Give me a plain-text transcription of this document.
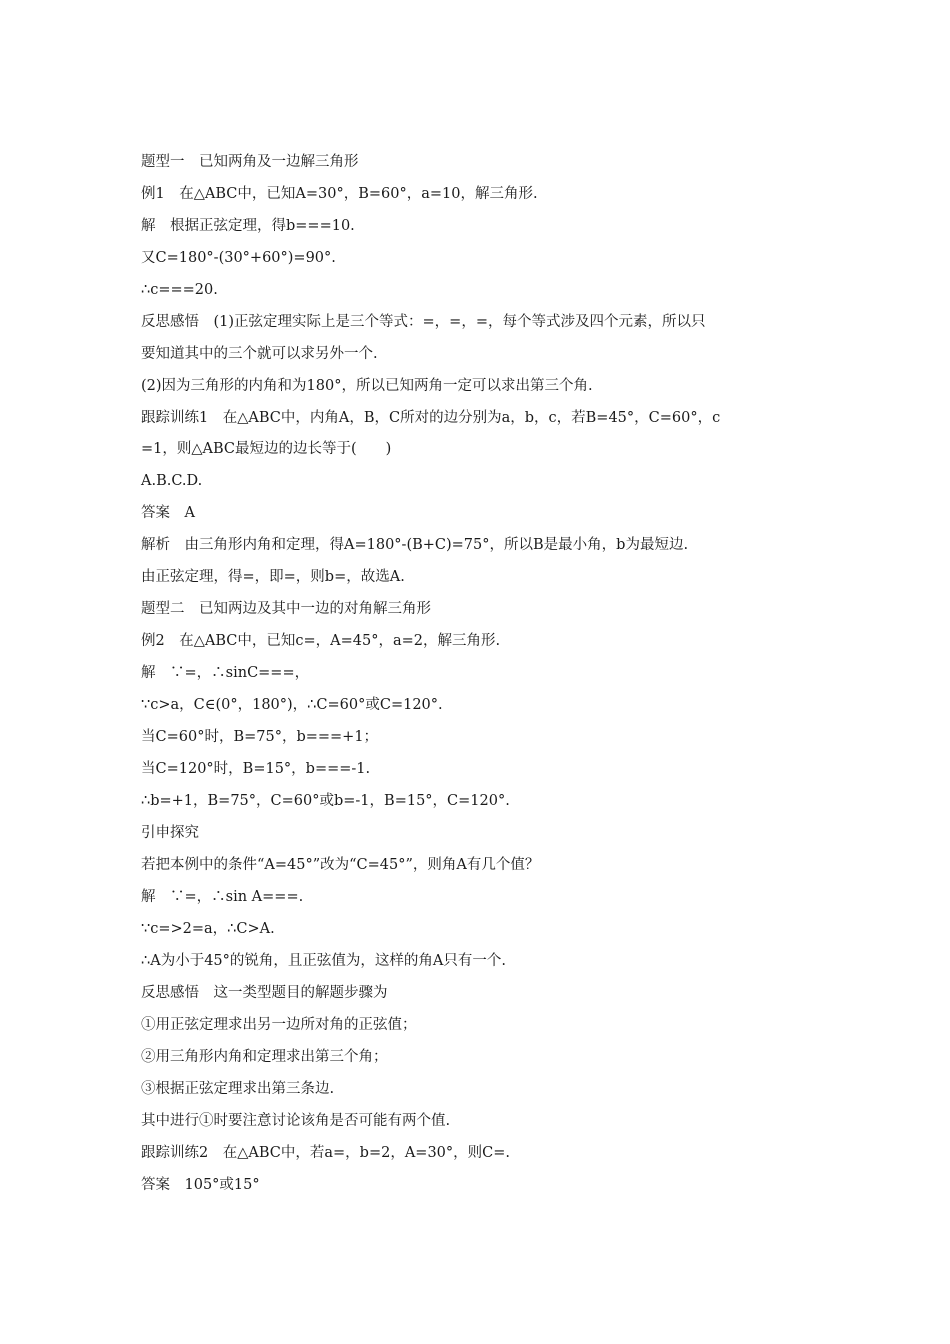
题型一　已知两角及一边解三角形
例1　在△ABC中，已知A=30°，B=60°，a=10，解三角形.
解　根据正弦定理，得b===10.
又C=180°-(30°+60°)=90°.
∴c===20.
反思感悟　(1)正弦定理实际上是三个等式：=，=，=，每个等式涉及四个元素，所以只
要知道其中的三个就可以求另外一个.
(2)因为三角形的内角和为180°，所以已知两角一定可以求出第三个角.
跟踪训练1　在△ABC中，内角A，B，C所对的边分别为a，b，c，若B=45°，C=60°，c
=1，则△ABC最短边的边长等于(　　)
A.B.C.D.
答案　A
解析　由三角形内角和定理，得A=180°-(B+C)=75°，所以B是最小角，b为最短边.
由正弦定理，得=，即=，则b=，故选A.
题型二　已知两边及其中一边的对角解三角形
例2　在△ABC中，已知c=，A=45°，a=2，解三角形.
解　∵=，∴sinC===，
∵c>a，C∈(0°，180°)，∴C=60°或C=120°.
当C=60°时，B=75°，b===+1；
当C=120°时，B=15°，b===-1.
∴b=+1，B=75°，C=60°或b=-1，B=15°，C=120°.
引申探究
若把本例中的条件“A=45°”改为“C=45°”，则角A有几个值？
解　∵=，∴sin A===.
∵c=>2=a，∴C>A.
∴A为小于45°的锐角，且正弦值为，这样的角A只有一个.
反思感悟　这一类型题目的解题步骤为
①用正弦定理求出另一边所对角的正弦值；
②用三角形内角和定理求出第三个角；
③根据正弦定理求出第三条边.
其中进行①时要注意讨论该角是否可能有两个值.
跟踪训练2　在△ABC中，若a=，b=2，A=30°，则C=.
答案　105°或15°
